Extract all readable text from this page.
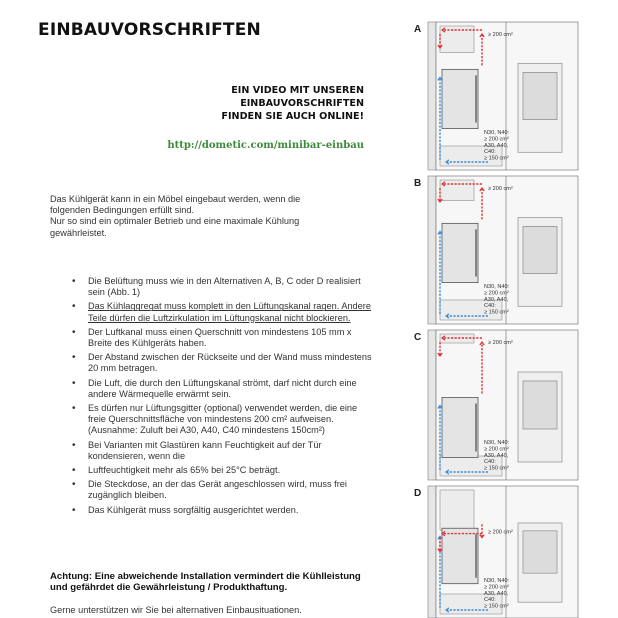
EINBAUVORSCHRIFTEN
EIN VIDEO MIT UNSEREN
EINBAUVORSCHRIFTEN
FINDEN SIE AUCH ONLINE!
http://dometic.com/minibar-einbau
Das Kühlgerät kann in ein Möbel eingebaut werden, wenn die
folgenden Bedingungen erfüllt sind.
Nur so sind ein optimaler Betrieb und eine maximale Kühlung
gewährleistet.
• Die Belüftung muss wie in den Alternativen A, B, C oder D realisiert sein (Abb. 1)
• Das Kühlaggregat muss komplett in den Lüftungskanal ragen. Andere Teile dürfen die Luftzirkulation im Lüftungskanal nicht blockieren.
• Der Luftkanal muss einen Querschnitt von mindestens 105 mm x Breite des Kühlgeräts haben.
• Der Abstand zwischen der Rückseite und der Wand muss mindestens 20 mm betragen.
• Die Luft, die durch den Lüftungskanal strömt, darf nicht durch eine andere Wärmequelle erwärmt sein.
• Es dürfen nur Lüftungsgitter (optional) verwendet werden, die eine freie Querschnittsfläche von mindestens 200 cm² aufweisen. (Ausnahme: Zuluft bei A30, A40, C40 mindestens 150cm²)
• Bei Varianten mit Glastüren kann Feuchtigkeit auf der Tür kondensieren, wenn die
• Luftfeuchtigkeit mehr als 65% bei 25°C beträgt.
• Die Steckdose, an der das Gerät angeschlossen wird, muss frei zugänglich bleiben.
• Das Kühlgerät muss sorgfältig ausgerichtet werden.
Achtung: Eine abweichende Installation vermindert die Kühlleistung und gefährdet die Gewährleistung / Produkthaftung.
Gerne unterstützen wir Sie bei alternativen Einbausituationen.
A	≥ 200 cm²
N30, N40:
≥ 200 cm²
A30, A40,
C40:
≥ 150 cm²
B	≥ 200 cm²
N30, N40:
≥ 200 cm²
A30, A40,
C40:
≥ 150 cm²
C	≥ 200 cm²
N30, N40:
≥ 200 cm²
A30, A40,
C40:
≥ 150 cm²
D
≥ 200 cm²
N30, N40:
≥ 200 cm²
A30, A40,
C40:
≥ 150 cm²
